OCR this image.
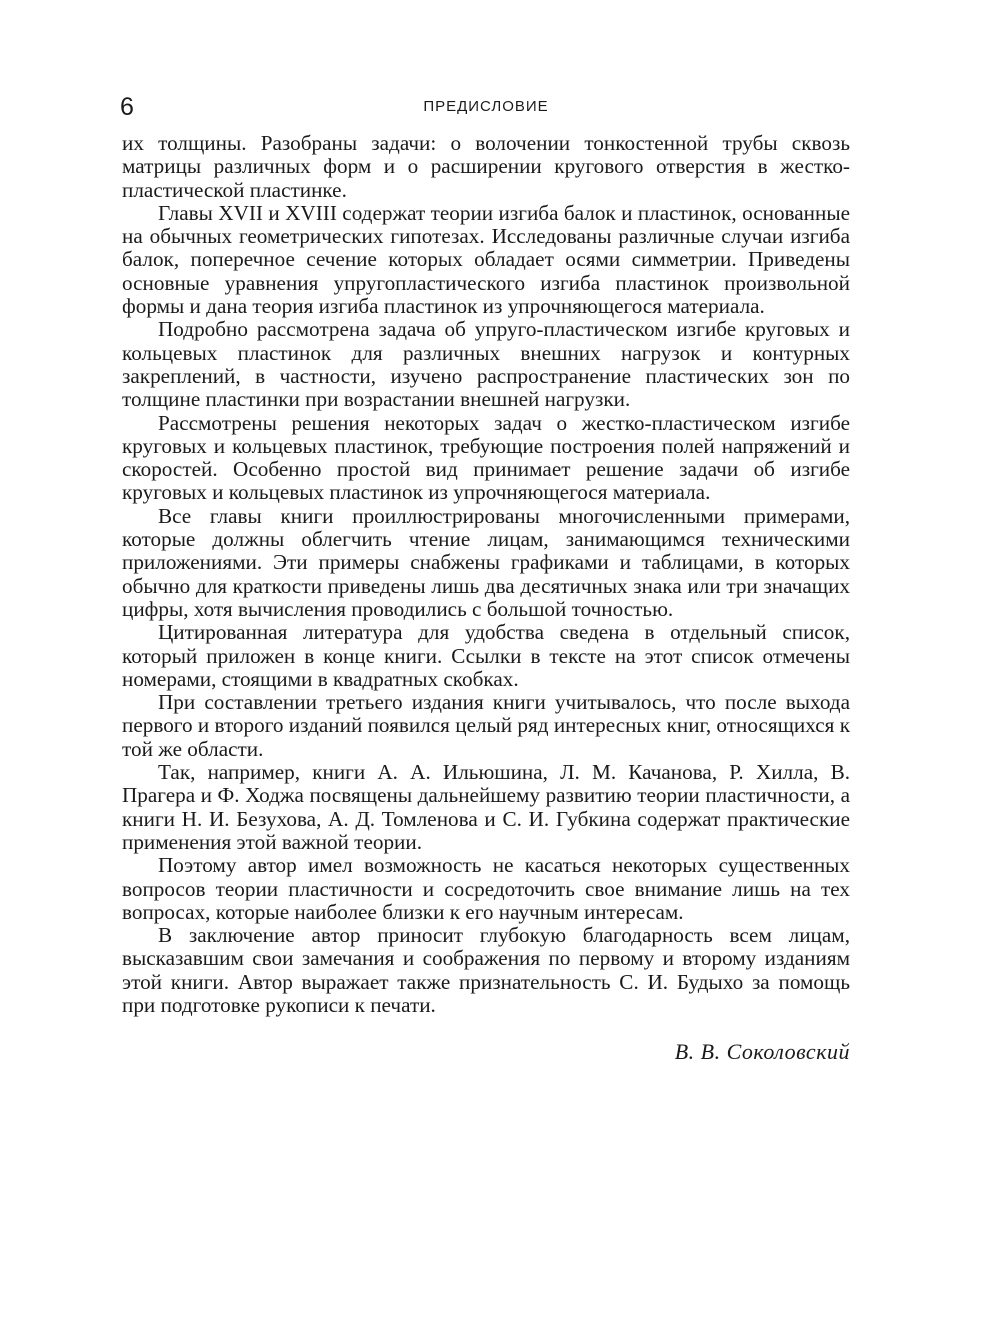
6	ПРЕДИСЛОВИЕ

их толщины. Разобраны задачи: о волочении тонкостенной трубы сквозь матрицы различных форм и о расширении кругового отверстия в жестко-пластической пластинке.

Главы XVII и XVIII содержат теории изгиба балок и пластинок, основанные на обычных геометрических гипотезах. Исследованы различные случаи изгиба балок, поперечное сечение которых обладает осями симметрии. Приведены основные уравнения упругопластического изгиба пластинок произвольной формы и дана теория изгиба пластинок из упрочняющегося материала.

Подробно рассмотрена задача об упруго-пластическом изгибе круговых и кольцевых пластинок для различных внешних нагрузок и контурных закреплений, в частности, изучено распространение пластических зон по толщине пластинки при возрастании внешней нагрузки.

Рассмотрены решения некоторых задач о жестко-пластическом изгибе круговых и кольцевых пластинок, требующие построения полей напряжений и скоростей. Особенно простой вид принимает решение задачи об изгибе круговых и кольцевых пластинок из упрочняющегося материала.

Все главы книги проиллюстрированы многочисленными примерами, которые должны облегчить чтение лицам, занимающимся техническими приложениями. Эти примеры снабжены графиками и таблицами, в которых обычно для краткости приведены лишь два десятичных знака или три значащих цифры, хотя вычисления проводились с большой точностью.

Цитированная литература для удобства сведена в отдельный список, который приложен в конце книги. Ссылки в тексте на этот список отмечены номерами, стоящими в квадратных скобках.

При составлении третьего издания книги учитывалось, что после выхода первого и второго изданий появился целый ряд интересных книг, относящихся к той же области.

Так, например, книги А. А. Ильюшина, Л. М. Качанова, Р. Хилла, В. Прагера и Ф. Ходжа посвящены дальнейшему развитию теории пластичности, а книги Н. И. Безухова, А. Д. Томленова и С. И. Губкина содержат практические применения этой важной теории.

Поэтому автор имел возможность не касаться некоторых существенных вопросов теории пластичности и сосредоточить свое внимание лишь на тех вопросах, которые наиболее близки к его научным интересам.

В заключение автор приносит глубокую благодарность всем лицам, высказавшим свои замечания и соображения по первому и второму изданиям этой книги. Автор выражает также признательность С. И. Будыхо за помощь при подготовке рукописи к печати.

В. В. Соколовский
